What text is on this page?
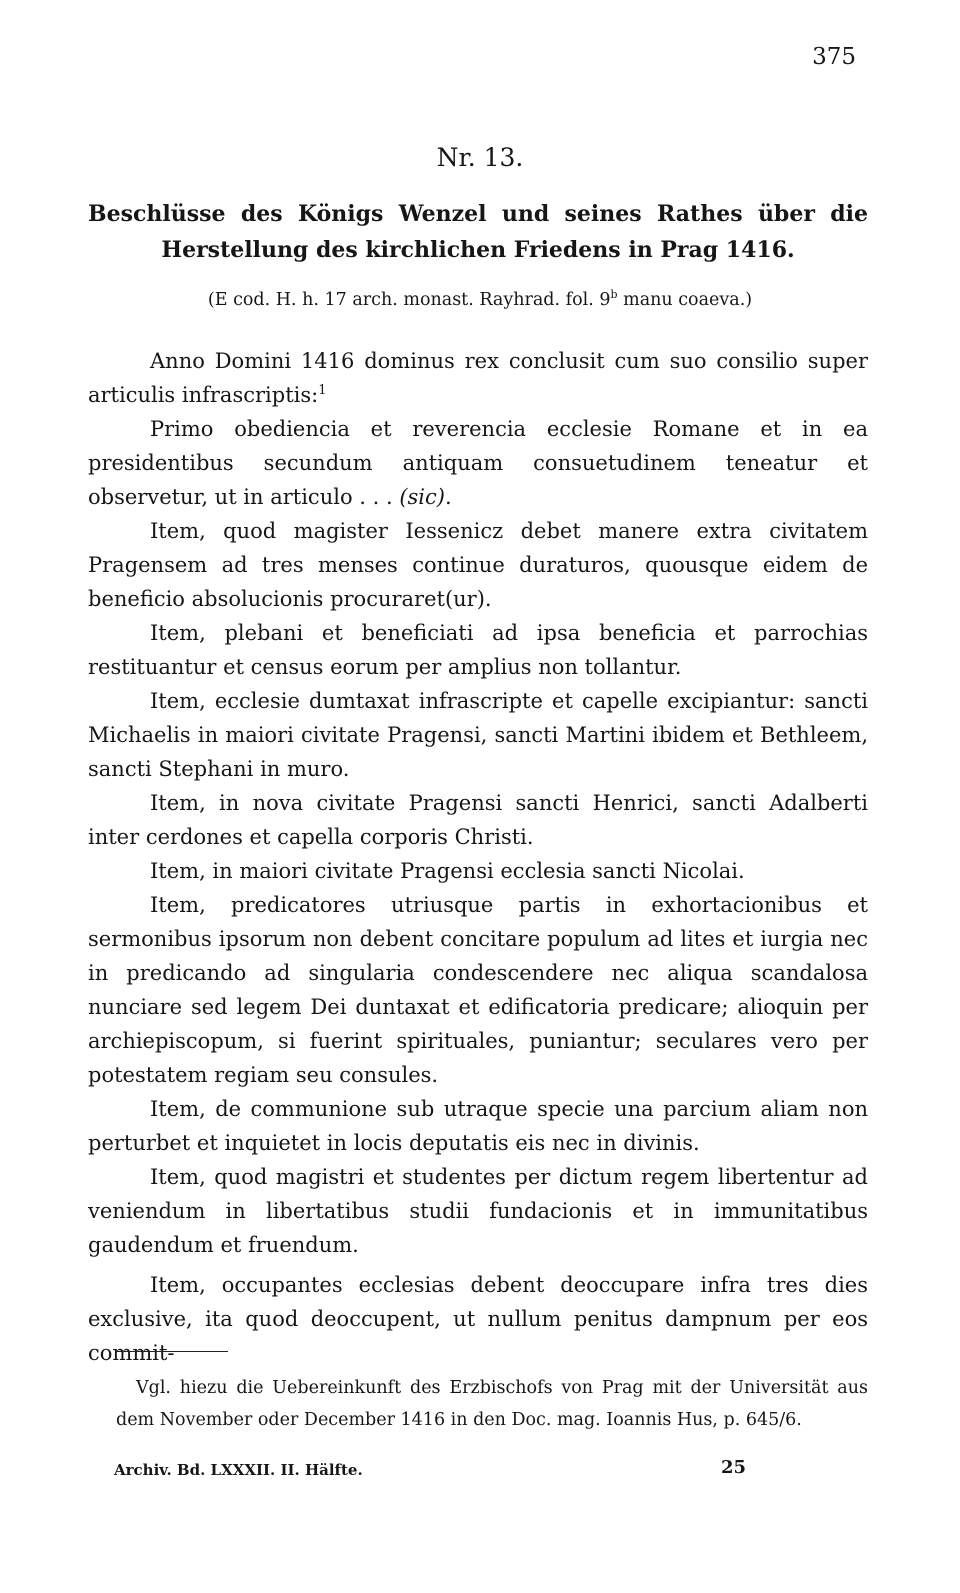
375
Nr. 13.
Beschlüsse des Königs Wenzel und seines Rathes über die Herstellung des kirchlichen Friedens in Prag 1416.
(E cod. H. h. 17 arch. monast. Rayhrad. fol. 9$^b$ manu coaeva.)

Anno Domini 1416 dominus rex conclusit cum suo consilio super articulis infrascriptis:$^1$

Primo obediencia et reverencia ecclesie Romane et in ea presidentibus secundum antiquam consuetudinem teneatur et observetur, ut in articulo . . . (sic).

Item, quod magister Iessenicz debet manere extra civitatem Pragensem ad tres menses continue duraturos, quousque eidem de beneficio absolucionis procuraret(ur).

Item, plebani et beneficiati ad ipsa beneficia et parrochias restituantur et census eorum per amplius non tollantur.

Item, ecclesie dumtaxat infrascripte et capelle excipiantur: sancti Michaelis in maiori civitate Pragensi, sancti Martini ibidem et Bethleem, sancti Stephani in muro.

Item, in nova civitate Pragensi sancti Henrici, sancti Adalberti inter cerdones et capella corporis Christi.

Item, in maiori civitate Pragensi ecclesia sancti Nicolai.

Item, predicatores utriusque partis in exhortacionibus et sermonibus ipsorum non debent concitare populum ad lites et iurgia nec in predicando ad singularia condescendere nec aliqua scandalosa nunciare sed legem Dei duntaxat et edificatoria predicare; alioquin per archiepiscopum, si fuerint spirituales, puniantur; seculares vero per potestatem regiam seu consules.

Item, de communione sub utraque specie una parcium aliam non perturbet et inquietet in locis deputatis eis nec in divinis.

Item, quod magistri et studentes per dictum regem libertentur ad veniendum in libertatibus studii fundacionis et in immunitatibus gaudendum et fruendum.

Item, occupantes ecclesias debent deoccupare infra tres dies exclusive, ita quod deoccupent, ut nullum penitus dampnum per eos commit-

Vgl. hiezu die Uebereinkunft des Erzbischofs von Prag mit der Universität aus dem November oder December 1416 in den Doc. mag. Ioannis Hus, p. 645/6.
Archiv. Bd. LXXXII. II. Hälfte.	25
